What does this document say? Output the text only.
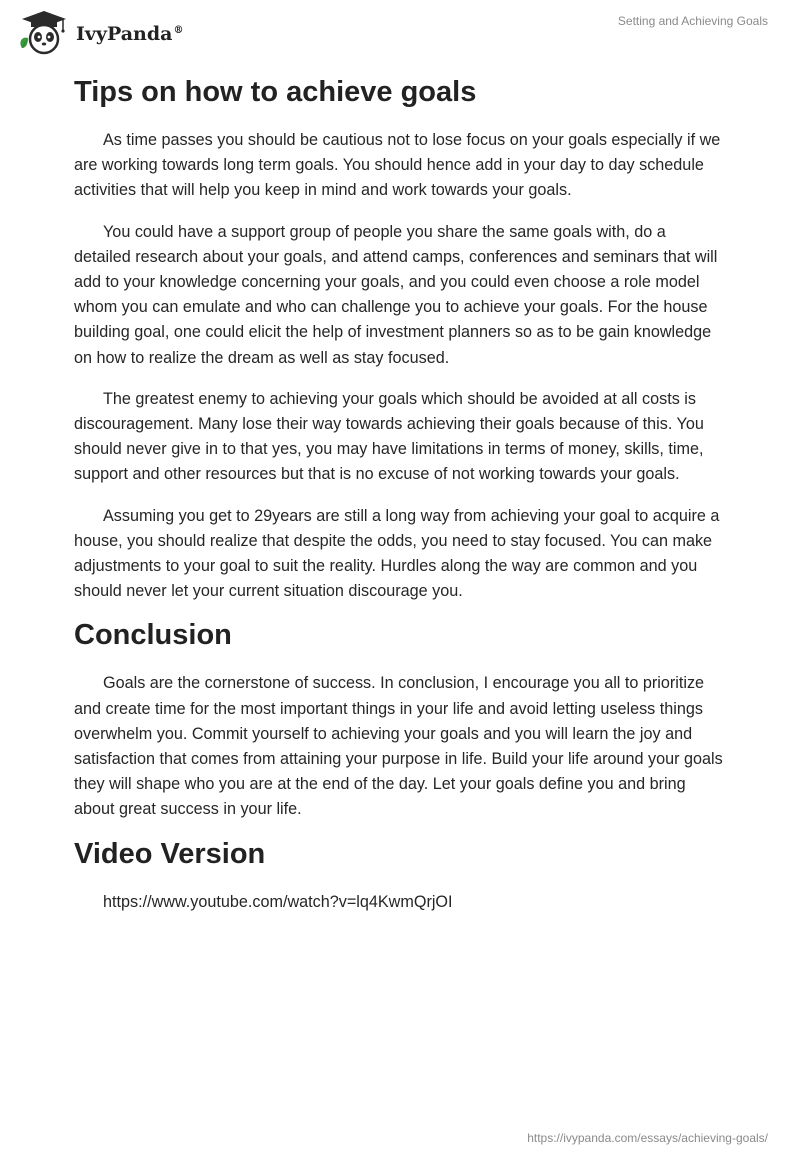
IvyPanda®
Setting and Achieving Goals
Tips on how to achieve goals

As time passes you should be cautious not to lose focus on your goals especially if we are working towards long term goals. You should hence add in your day to day schedule activities that will help you keep in mind and work towards your goals.

You could have a support group of people you share the same goals with, do a detailed research about your goals, and attend camps, conferences and seminars that will add to your knowledge concerning your goals, and you could even choose a role model whom you can emulate and who can challenge you to achieve your goals. For the house building goal, one could elicit the help of investment planners so as to be gain knowledge on how to realize the dream as well as stay focused.

The greatest enemy to achieving your goals which should be avoided at all costs is discouragement. Many lose their way towards achieving their goals because of this. You should never give in to that yes, you may have limitations in terms of money, skills, time, support and other resources but that is no excuse of not working towards your goals.

Assuming you get to 29years are still a long way from achieving your goal to acquire a house, you should realize that despite the odds, you need to stay focused. You can make adjustments to your goal to suit the reality. Hurdles along the way are common and you should never let your current situation discourage you.

Conclusion

Goals are the cornerstone of success. In conclusion, I encourage you all to prioritize and create time for the most important things in your life and avoid letting useless things overwhelm you. Commit yourself to achieving your goals and you will learn the joy and satisfaction that comes from attaining your purpose in life. Build your life around your goals they will shape who you are at the end of the day. Let your goals define you and bring about great success in your life.

Video Version
https://www.youtube.com/watch?v=lq4KwmQrjOI
https://ivypanda.com/essays/achieving-goals/
